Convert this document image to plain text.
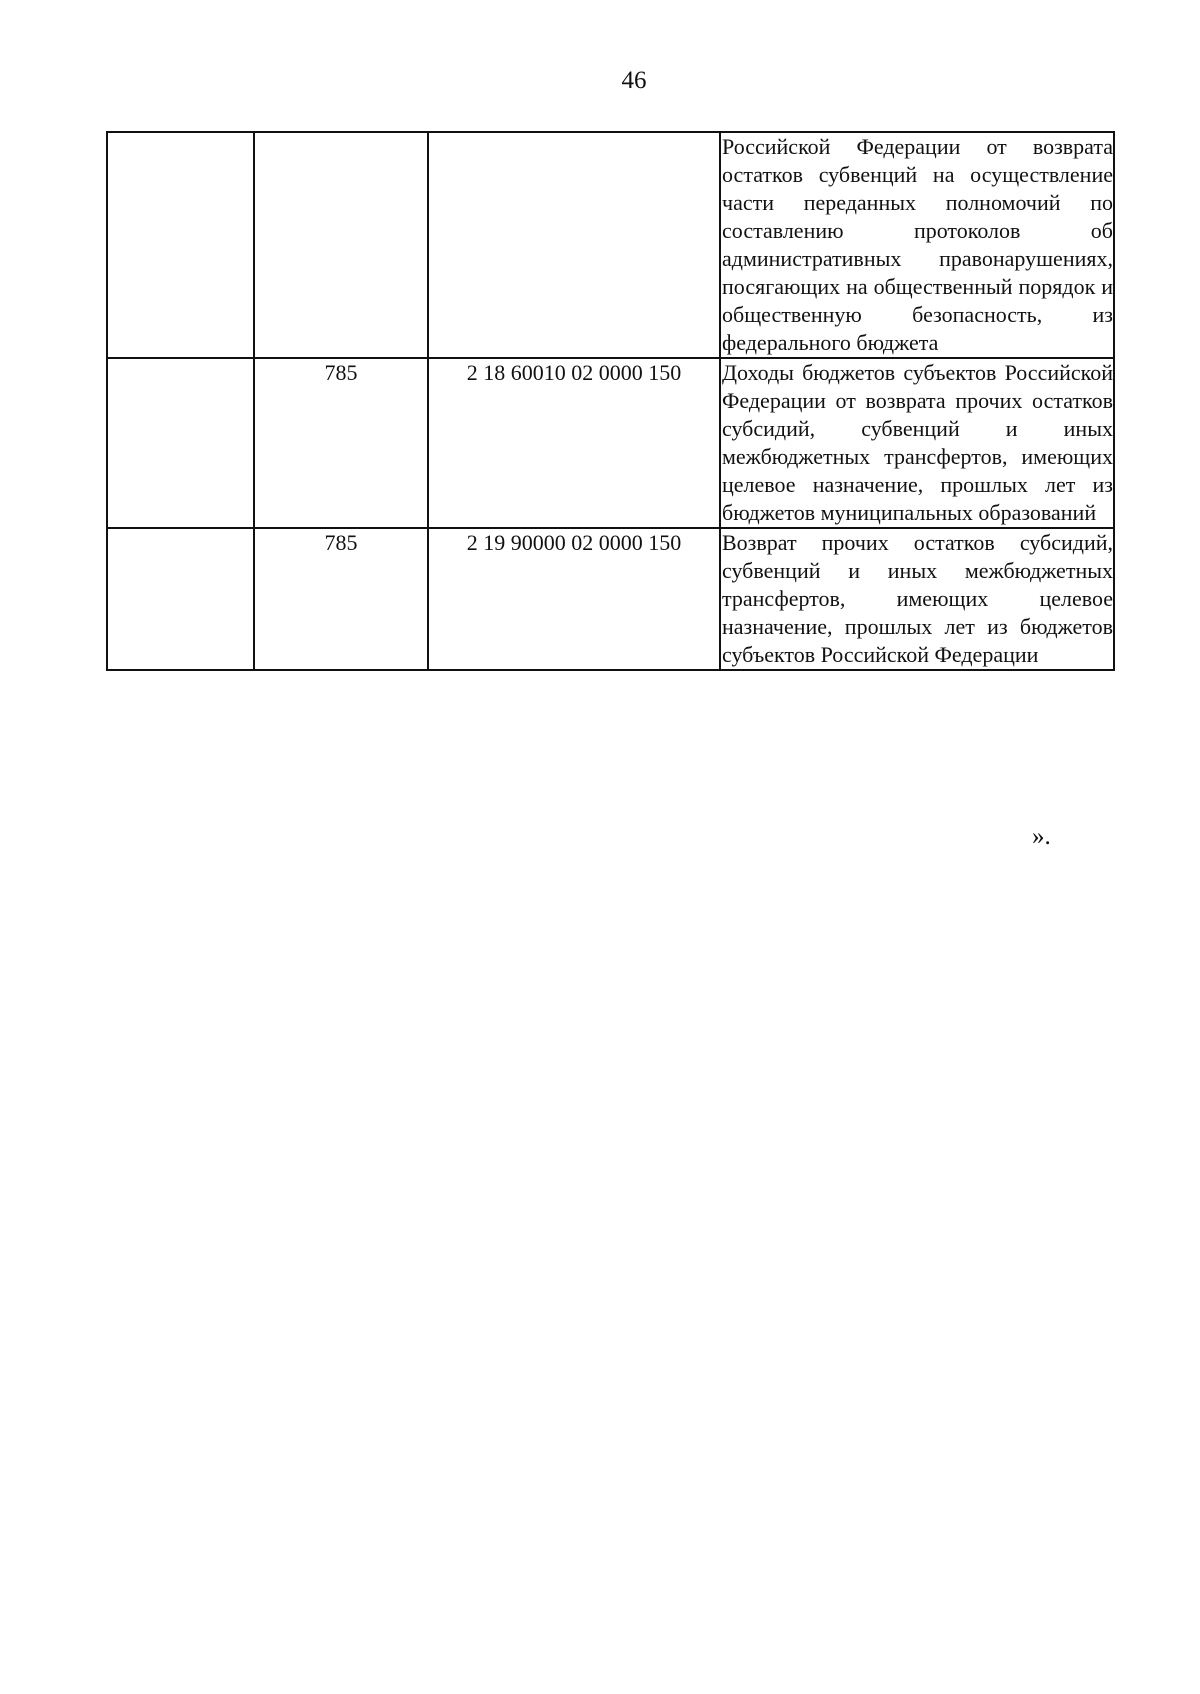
46
			Российской Федерации от возврата остатков субвенций на осуществление части переданных полномочий по составлению протоколов об административных правонарушениях, посягающих на общественный порядок и общественную безопасность, из федерального бюджета
	785	2 18 60010 02 0000 150	Доходы бюджетов субъектов Российской Федерации от возврата прочих остатков субсидий, субвенций и иных межбюджетных трансфертов, имеющих целевое назначение, прошлых лет из бюджетов муниципальных образований
	785	2 19 90000 02 0000 150	Возврат прочих остатков субсидий, субвенций и иных межбюджетных трансфертов, имеющих целевое назначение, прошлых лет из бюджетов субъектов Российской Федерации
».
